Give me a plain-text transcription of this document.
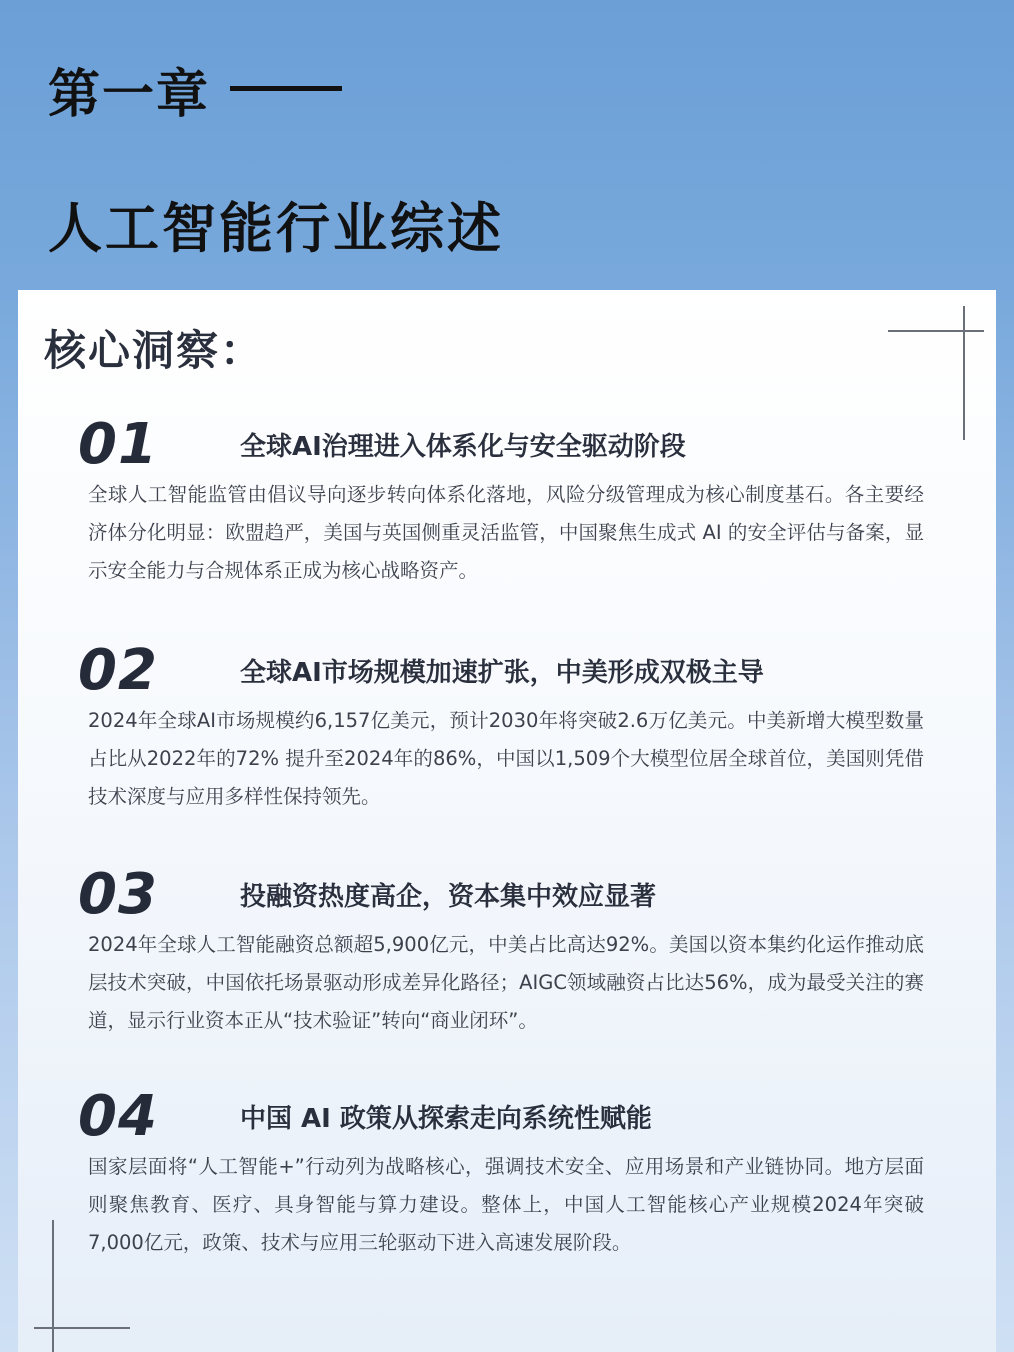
第一章
人工智能行业综述
核心洞察：
01	全球AI治理进入体系化与安全驱动阶段
全球人工智能监管由倡议导向逐步转向体系化落地，风险分级管理成为核心制度基石。各主要经济体分化明显：欧盟趋严，美国与英国侧重灵活监管，中国聚焦生成式 AI 的安全评估与备案，显示安全能力与合规体系正成为核心战略资产。
02	全球AI市场规模加速扩张，中美形成双极主导
2024年全球AI市场规模约6,157亿美元，预计2030年将突破2.6万亿美元。中美新增大模型数量占比从2022年的72% 提升至2024年的86%，中国以1,509个大模型位居全球首位，美国则凭借技术深度与应用多样性保持领先。
03	投融资热度高企，资本集中效应显著
2024年全球人工智能融资总额超5,900亿元，中美占比高达92%。美国以资本集约化运作推动底层技术突破，中国依托场景驱动形成差异化路径；AIGC领域融资占比达56%，成为最受关注的赛道，显示行业资本正从“技术验证”转向“商业闭环”。
04	中国 AI 政策从探索走向系统性赋能
国家层面将“人工智能+”行动列为战略核心，强调技术安全、应用场景和产业链协同。地方层面则聚焦教育、医疗、具身智能与算力建设。整体上，中国人工智能核心产业规模2024年突破7,000亿元，政策、技术与应用三轮驱动下进入高速发展阶段。
